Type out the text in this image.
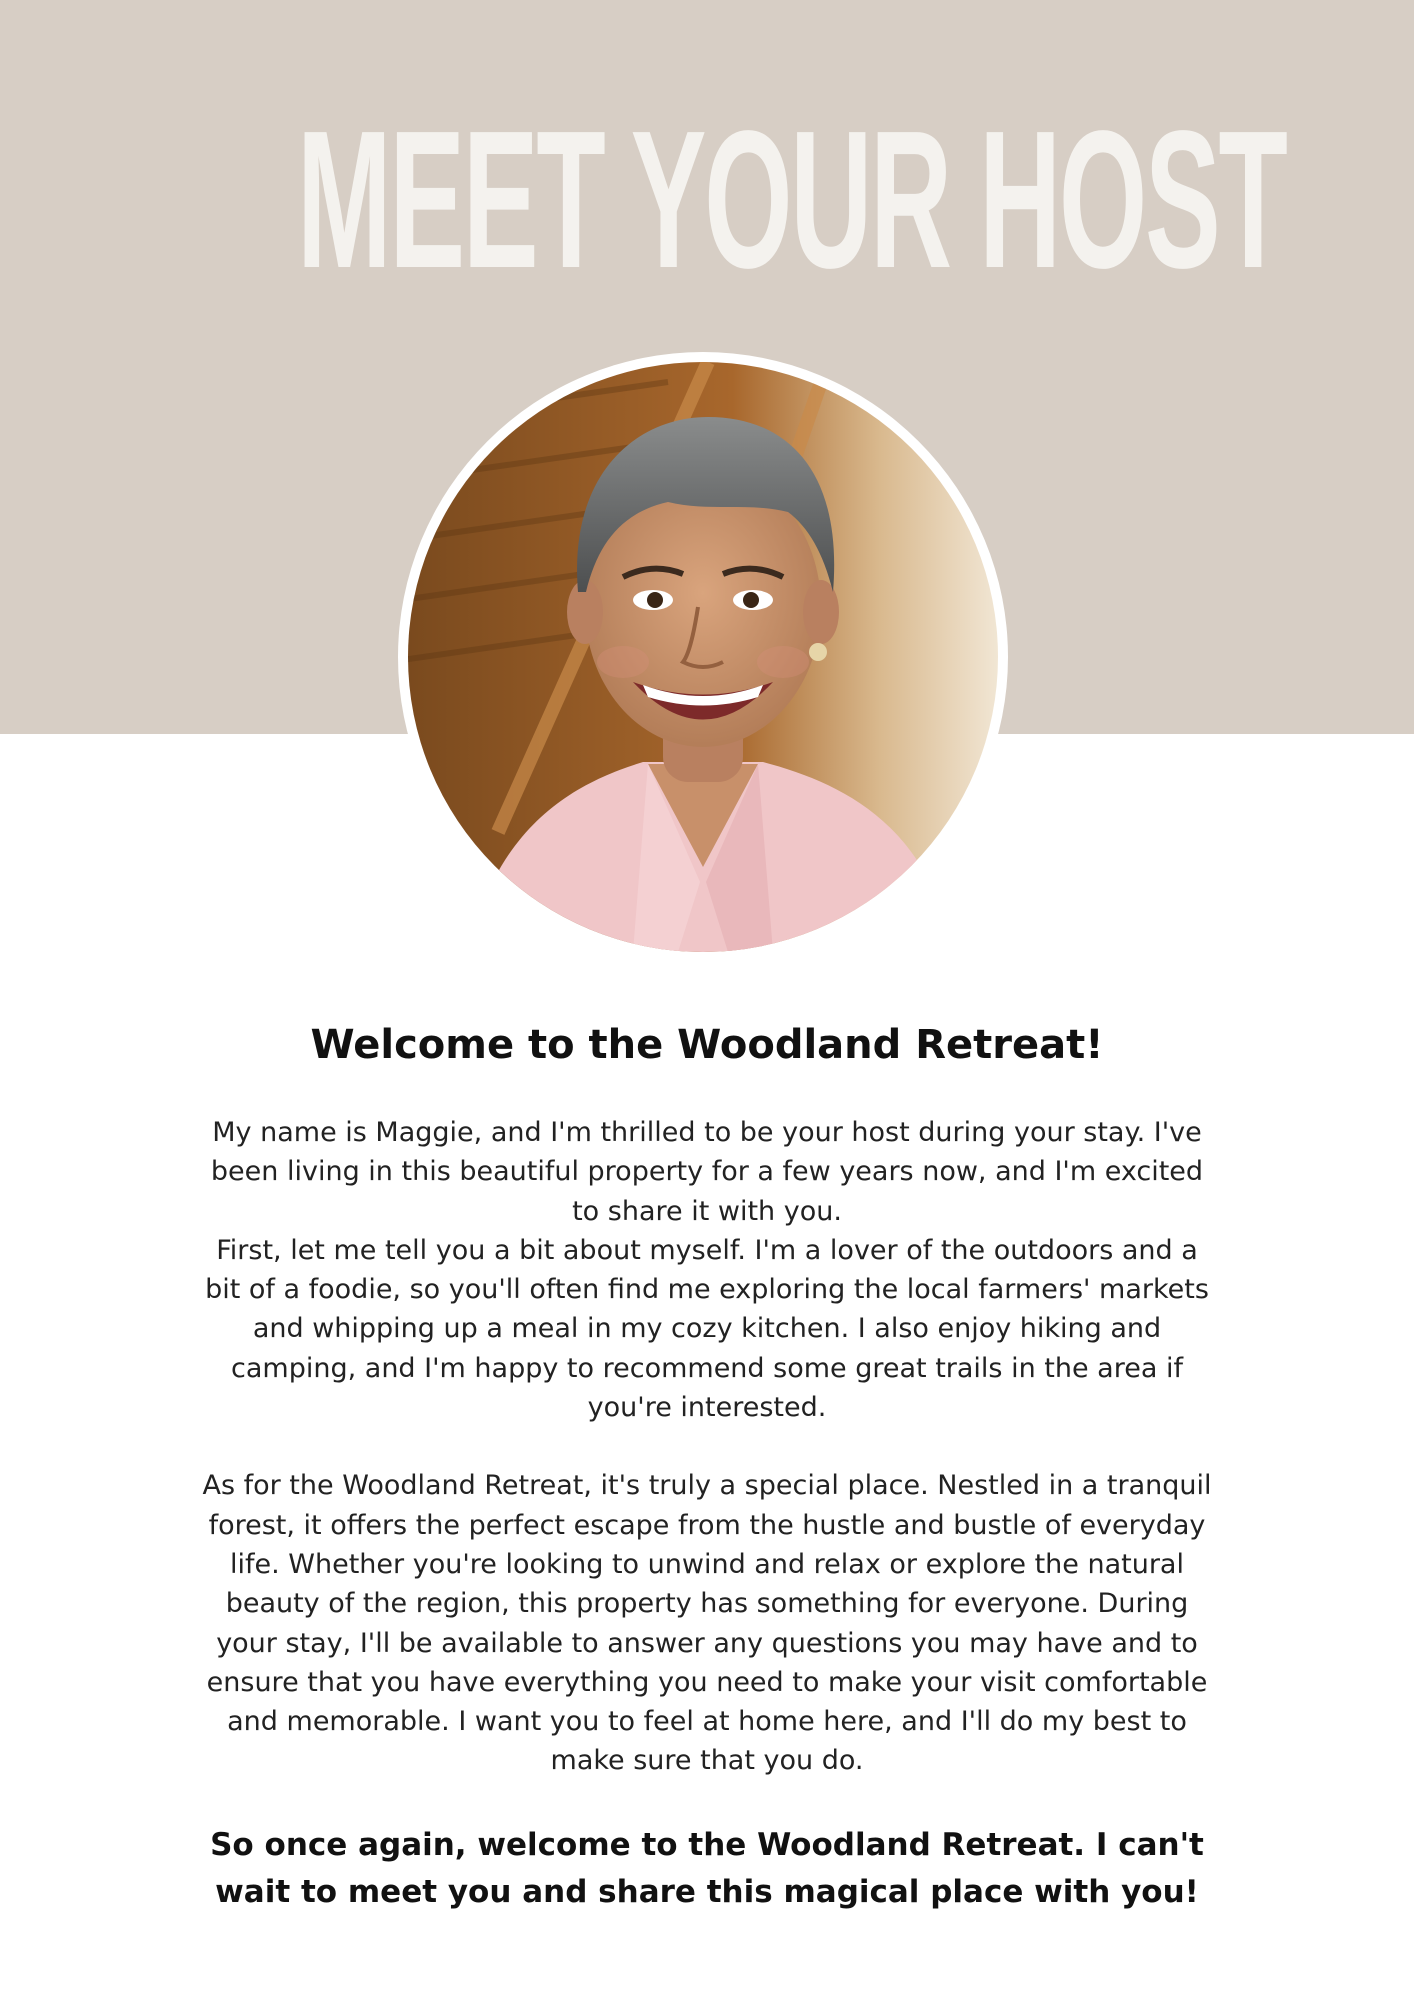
MEET YOUR HOST
Welcome to the Woodland Retreat!

My name is Maggie, and I'm thrilled to be your host during your stay. I've been living in this beautiful property for a few years now, and I'm excited to share it with you.

First, let me tell you a bit about myself. I'm a lover of the outdoors and a bit of a foodie, so you'll often find me exploring the local farmers' markets and whipping up a meal in my cozy kitchen. I also enjoy hiking and camping, and I'm happy to recommend some great trails in the area if you're interested.

As for the Woodland Retreat, it's truly a special place. Nestled in a tranquil forest, it offers the perfect escape from the hustle and bustle of everyday life. Whether you're looking to unwind and relax or explore the natural beauty of the region, this property has something for everyone. During your stay, I'll be available to answer any questions you may have and to ensure that you have everything you need to make your visit comfortable and memorable. I want you to feel at home here, and I'll do my best to make sure that you do.

So once again, welcome to the Woodland Retreat. I can't wait to meet you and share this magical place with you!
